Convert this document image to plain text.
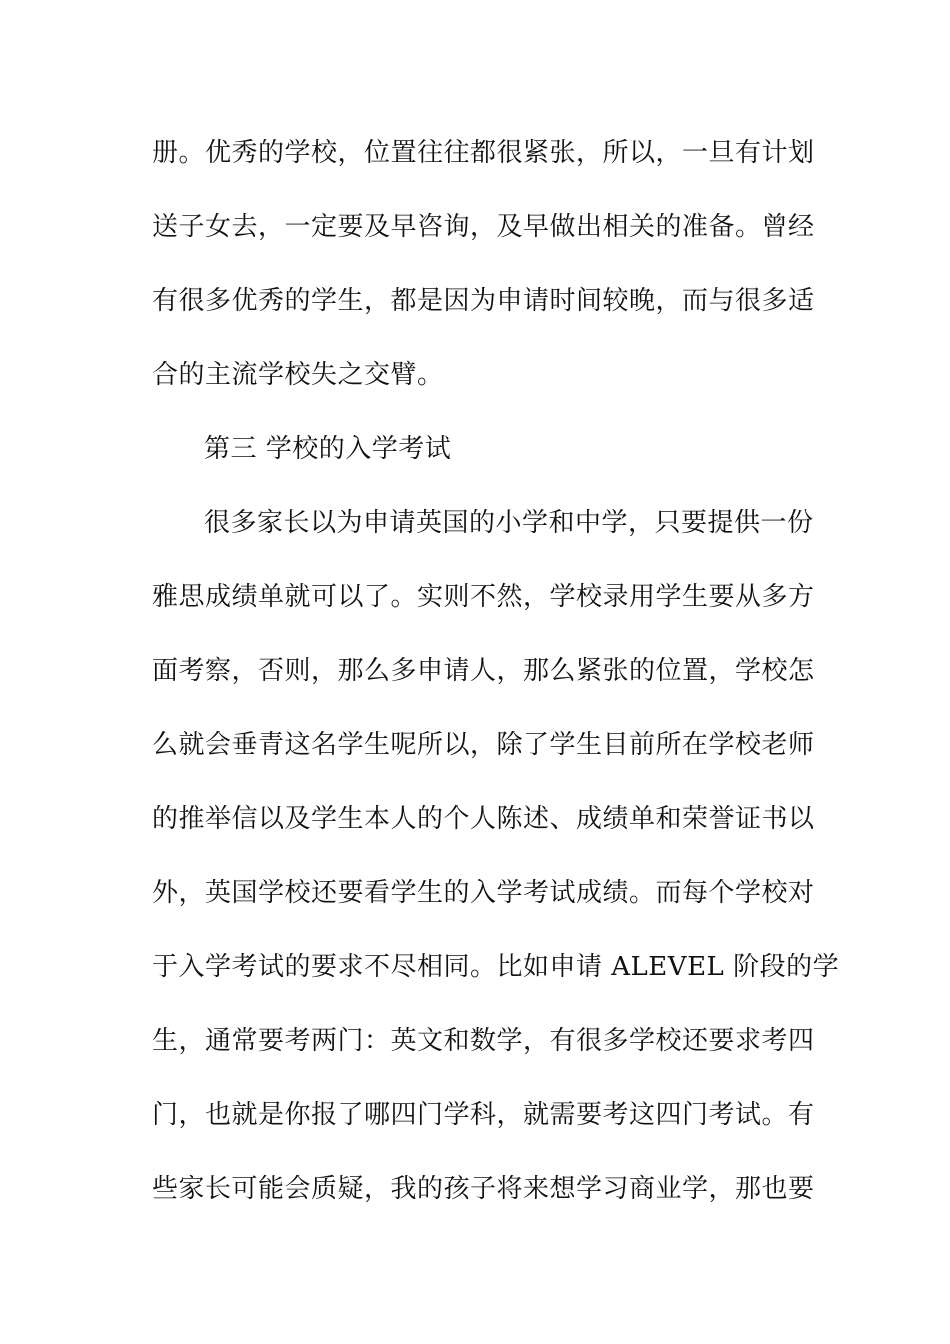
册。优秀的学校，位置往往都很紧张，所以，一旦有计划
送子女去，一定要及早咨询，及早做出相关的准备。曾经
有很多优秀的学生，都是因为申请时间较晚，而与很多适
合的主流学校失之交臂。
第三 学校的入学考试
很多家长以为申请英国的小学和中学，只要提供一份
雅思成绩单就可以了。实则不然，学校录用学生要从多方
面考察，否则，那么多申请人，那么紧张的位置，学校怎
么就会垂青这名学生呢所以，除了学生目前所在学校老师
的推举信以及学生本人的个人陈述、成绩单和荣誉证书以
外，英国学校还要看学生的入学考试成绩。而每个学校对
于入学考试的要求不尽相同。比如申请 ALEVEL 阶段的学
生，通常要考两门：英文和数学，有很多学校还要求考四
门，也就是你报了哪四门学科，就需要考这四门考试。有
些家长可能会质疑，我的孩子将来想学习商业学，那也要
